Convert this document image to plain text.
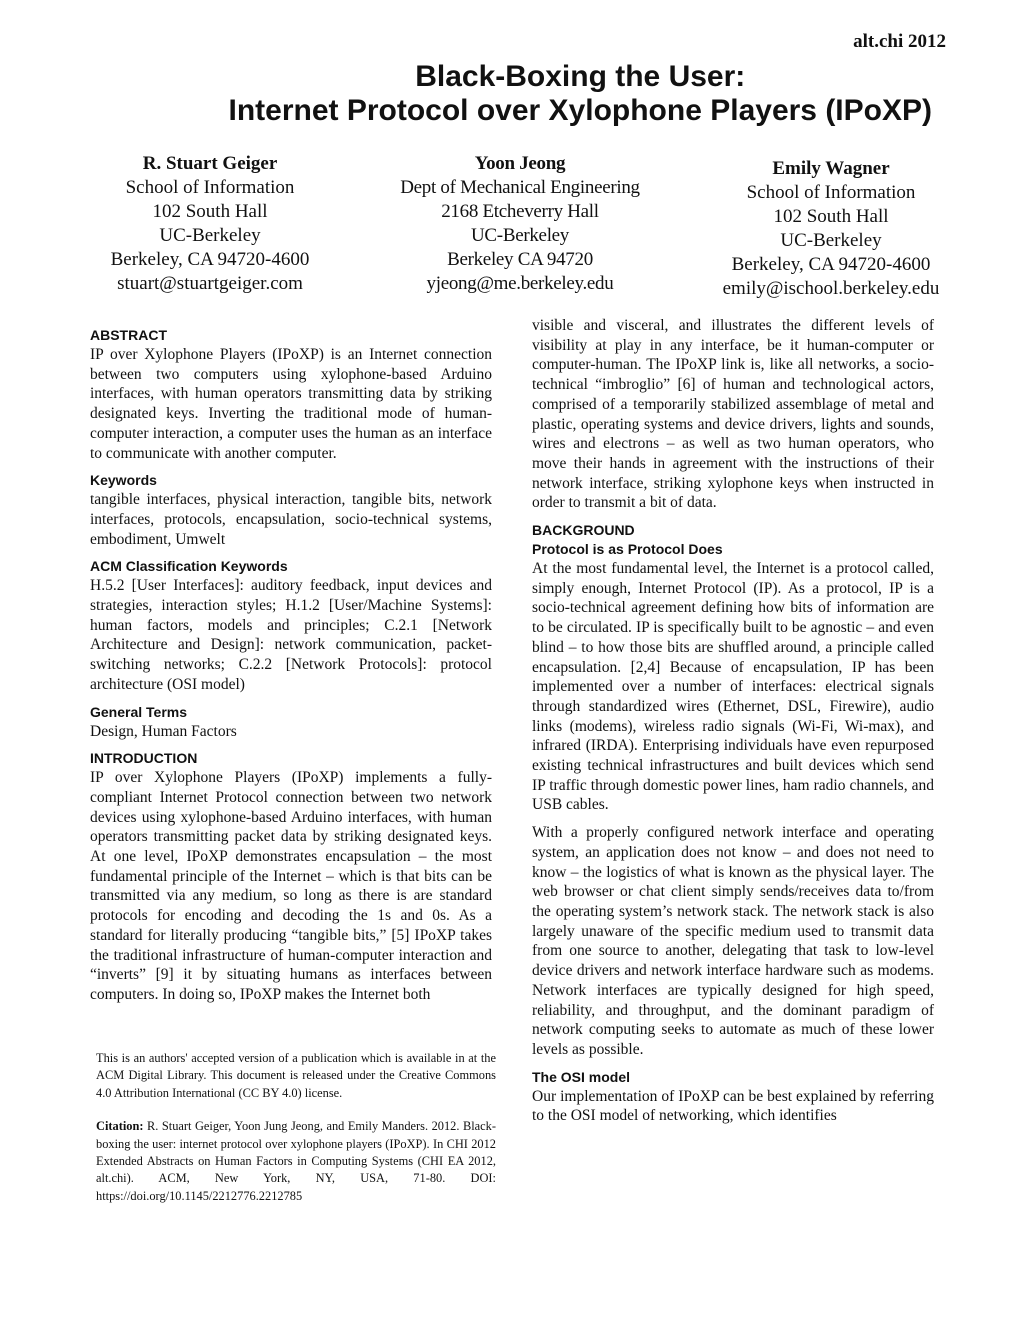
alt.chi 2012
Black-Boxing the User:
Internet Protocol over Xylophone Players (IPoXP)
R. Stuart Geiger
School of Information
102 South Hall
UC-Berkeley
Berkeley, CA 94720-4600
stuart@stuartgeiger.com
Yoon Jeong
Dept of Mechanical Engineering
2168 Etcheverry Hall
UC-Berkeley
Berkeley CA 94720
yjeong@me.berkeley.edu
Emily Wagner
School of Information
102 South Hall
UC-Berkeley
Berkeley, CA 94720-4600
emily@ischool.berkeley.edu
ABSTRACT

IP over Xylophone Players (IPoXP) is an Internet connection between two computers using xylophone-based Arduino interfaces, with human operators transmitting data by striking designated keys. Inverting the traditional mode of human-computer interaction, a computer uses the human as an interface to communicate with another computer.

Keywords

tangible interfaces, physical interaction, tangible bits, network interfaces, protocols, encapsulation, socio-technical systems, embodiment, Umwelt

ACM Classification Keywords

H.5.2 [User Interfaces]: auditory feedback, input devices and strategies, interaction styles; H.1.2 [User/Machine Systems]: human factors, models and principles; C.2.1 [Network Architecture and Design]: network communication, packet-switching networks; C.2.2 [Network Protocols]: protocol architecture (OSI model)

General Terms

Design, Human Factors

INTRODUCTION

IP over Xylophone Players (IPoXP) implements a fully-compliant Internet Protocol connection between two network devices using xylophone-based Arduino interfaces, with human operators transmitting packet data by striking designated keys. At one level, IPoXP demonstrates encapsulation – the most fundamental principle of the Internet – which is that bits can be transmitted via any medium, so long as there is are standard protocols for encoding and decoding the 1s and 0s. As a standard for literally producing “tangible bits,” [5] IPoXP takes the traditional infrastructure of human-computer interaction and “inverts” [9] it by situating humans as interfaces between computers. In doing so, IPoXP makes the Internet both

This is an authors' accepted version of a publication which is available in at the ACM Digital Library. This document is released under the Creative Commons 4.0 Attribution International (CC BY 4.0) license.

Citation: R. Stuart Geiger, Yoon Jung Jeong, and Emily Manders. 2012. Black-boxing the user: internet protocol over xylophone players (IPoXP). In CHI 2012 Extended Abstracts on Human Factors in Computing Systems (CHI EA 2012, alt.chi). ACM, New York, NY, USA, 71-80. DOI: https://doi.org/10.1145/2212776.2212785

visible and visceral, and illustrates the different levels of visibility at play in any interface, be it human-computer or computer-human. The IPoXP link is, like all networks, a socio-technical “imbroglio” [6] of human and technological actors, comprised of a temporarily stabilized assemblage of metal and plastic, operating systems and device drivers, lights and sounds, wires and electrons – as well as two human operators, who move their hands in agreement with the instructions of their network interface, striking xylophone keys when instructed in order to transmit a bit of data.

BACKGROUND
Protocol is as Protocol Does

At the most fundamental level, the Internet is a protocol called, simply enough, Internet Protocol (IP). As a protocol, IP is a socio-technical agreement defining how bits of information are to be circulated. IP is specifically built to be agnostic – and even blind – to how those bits are shuffled around, a principle called encapsulation. [2,4] Because of encapsulation, IP has been implemented over a number of interfaces: electrical signals through standardized wires (Ethernet, DSL, Firewire), audio links (modems), wireless radio signals (Wi-Fi, Wi-max), and infrared (IRDA). Enterprising individuals have even repurposed existing technical infrastructures and built devices which send IP traffic through domestic power lines, ham radio channels, and USB cables.

With a properly configured network interface and operating system, an application does not know – and does not need to know – the logistics of what is known as the physical layer. The web browser or chat client simply sends/receives data to/from the operating system’s network stack. The network stack is also largely unaware of the specific medium used to transmit data from one source to another, delegating that task to low-level device drivers and network interface hardware such as modems. Network interfaces are typically designed for high speed, reliability, and throughput, and the dominant paradigm of network computing seeks to automate as much of these lower levels as possible.

The OSI model

Our implementation of IPoXP can be best explained by referring to the OSI model of networking, which identifies
